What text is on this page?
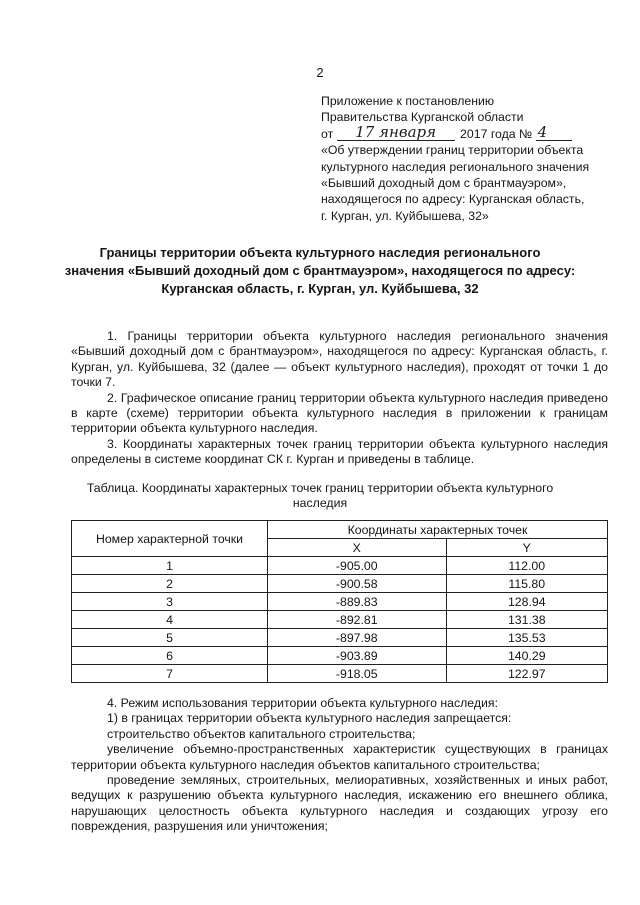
2
Приложение к постановлению
Правительства Курганской области
от 17 января 2017 года № 4
«Об утверждении границ территории объекта
культурного наследия регионального значения
«Бывший доходный дом с брантмауэром»,
находящегося по адресу: Курганская область,
г. Курган, ул. Куйбышева, 32»
Границы территории объекта культурного наследия регионального
значения «Бывший доходный дом с брантмауэром», находящегося по адресу:
Курганская область, г. Курган, ул. Куйбышева, 32

1. Границы территории объекта культурного наследия регионального значения «Бывший доходный дом с брантмауэром», находящегося по адресу: Курганская область, г. Курган, ул. Куйбышева, 32 (далее — объект культурного наследия), проходят от точки 1 до точки 7.

2. Графическое описание границ территории объекта культурного наследия приведено в карте (схеме) территории объекта культурного наследия в приложении к границам территории объекта культурного наследия.

3. Координаты характерных точек границ территории объекта культурного наследия определены в системе координат СК г. Курган и приведены в таблице.

Таблица. Координаты характерных точек границ территории объекта культурного наследия
Номер характерной точки	Координаты характерных точек	
	X	Y
1	-905.00	112.00
2	-900.58	115.80
3	-889.83	128.94
4	-892.81	131.38
5	-897.98	135.53
6	-903.89	140.29
7	-918.05	122.97

4. Режим использования территории объекта культурного наследия:

1) в границах территории объекта культурного наследия запрещается:

строительство объектов капитального строительства;

увеличение объемно-пространственных характеристик существующих в границах территории объекта культурного наследия объектов капитального строительства;

проведение земляных, строительных, мелиоративных, хозяйственных и иных работ, ведущих к разрушению объекта культурного наследия, искажению его внешнего облика, нарушающих целостность объекта культурного наследия и создающих угрозу его повреждения, разрушения или уничтожения;
